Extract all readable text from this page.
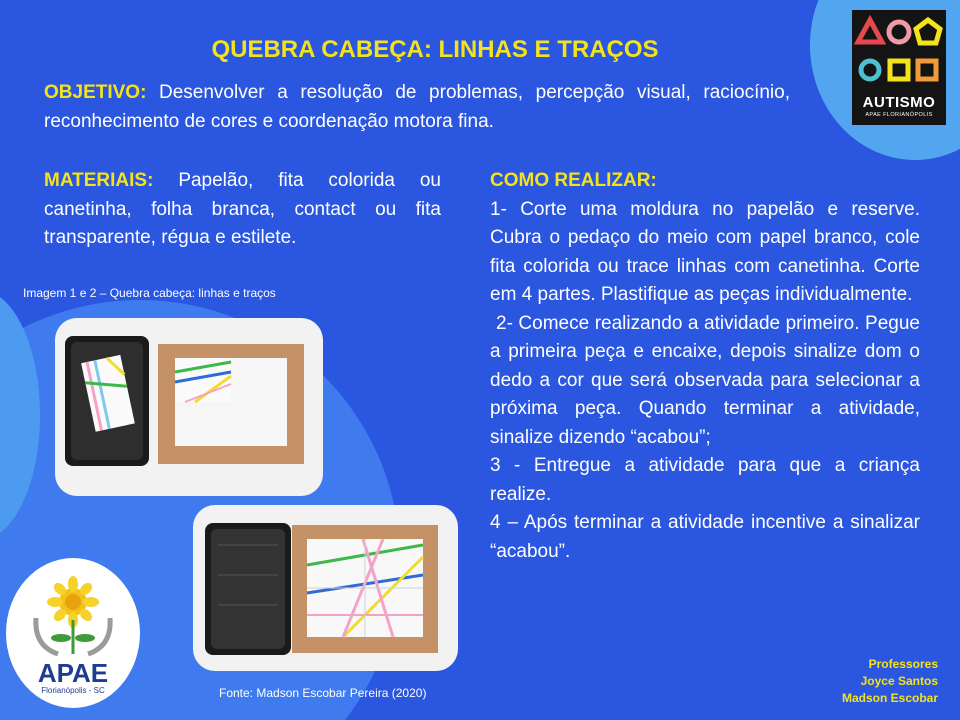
QUEBRA CABEÇA: LINHAS E TRAÇOS
OBJETIVO: Desenvolver a resolução de problemas, percepção visual, raciocínio, reconhecimento de cores e coordenação motora fina.
MATERIAIS: Papelão, fita colorida ou canetinha, folha branca, contact ou fita transparente, régua e estilete.

COMO REALIZAR:

1- Corte uma moldura no papelão e reserve. Cubra o pedaço do meio com papel branco, cole fita colorida ou trace linhas com canetinha. Corte em 4 partes. Plastifique as peças individualmente.

2- Comece realizando a atividade primeiro. Pegue a primeira peça e encaixe, depois sinalize dom o dedo a cor que será observada para selecionar a próxima peça. Quando terminar a atividade, sinalize dizendo “acabou”;

3 - Entregue a atividade para que a criança realize.

4 – Após terminar a atividade incentive a sinalizar “acabou”.

Imagem 1 e 2 – Quebra cabeça: linhas e traços
Fonte: Madson Escobar Pereira (2020)
AUTISMO
APAE FLORIANÓPOLIS
APAE
Florianópolis - SC
Professores
Joyce Santos
Madson Escobar
